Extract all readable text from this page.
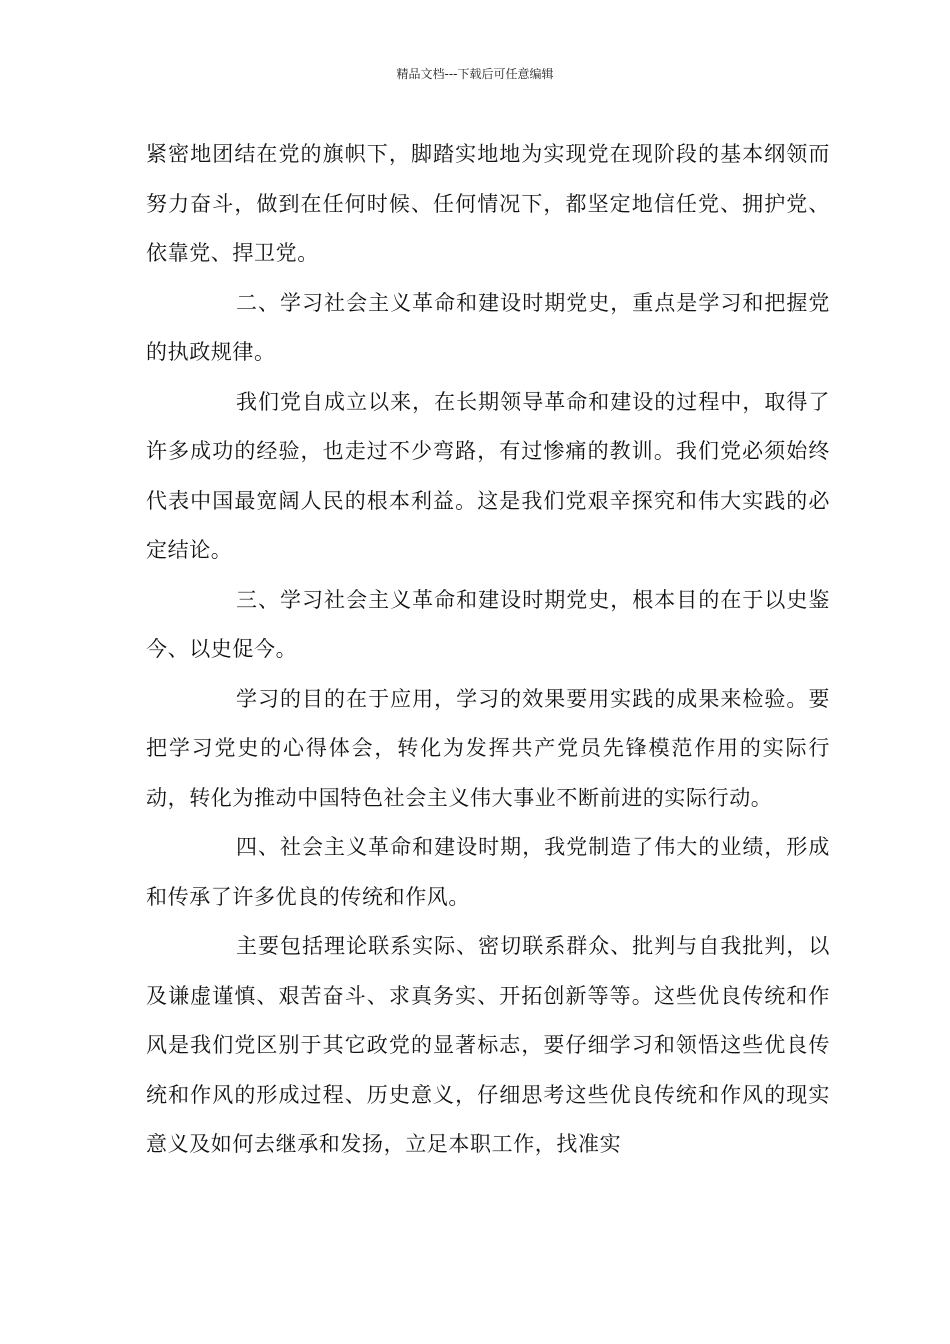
精品文档---下载后可任意编辑

紧密地团结在党的旗帜下，脚踏实地地为实现党在现阶段的基本纲领而努力奋斗，做到在任何时候、任何情况下，都坚定地信任党、拥护党、依靠党、捍卫党。

二、学习社会主义革命和建设时期党史，重点是学习和把握党的执政规律。

我们党自成立以来，在长期领导革命和建设的过程中，取得了许多成功的经验，也走过不少弯路，有过惨痛的教训。我们党必须始终代表中国最宽阔人民的根本利益。这是我们党艰辛探究和伟大实践的必定结论。

三、学习社会主义革命和建设时期党史，根本目的在于以史鉴今、以史促今。

学习的目的在于应用，学习的效果要用实践的成果来检验。要把学习党史的心得体会，转化为发挥共产党员先锋模范作用的实际行动，转化为推动中国特色社会主义伟大事业不断前进的实际行动。

四、社会主义革命和建设时期，我党制造了伟大的业绩，形成和传承了许多优良的传统和作风。

主要包括理论联系实际、密切联系群众、批判与自我批判，以及谦虚谨慎、艰苦奋斗、求真务实、开拓创新等等。这些优良传统和作风是我们党区别于其它政党的显著标志，要仔细学习和领悟这些优良传统和作风的形成过程、历史意义，仔细思考这些优良传统和作风的现实意义及如何去继承和发扬，立足本职工作，找准实
